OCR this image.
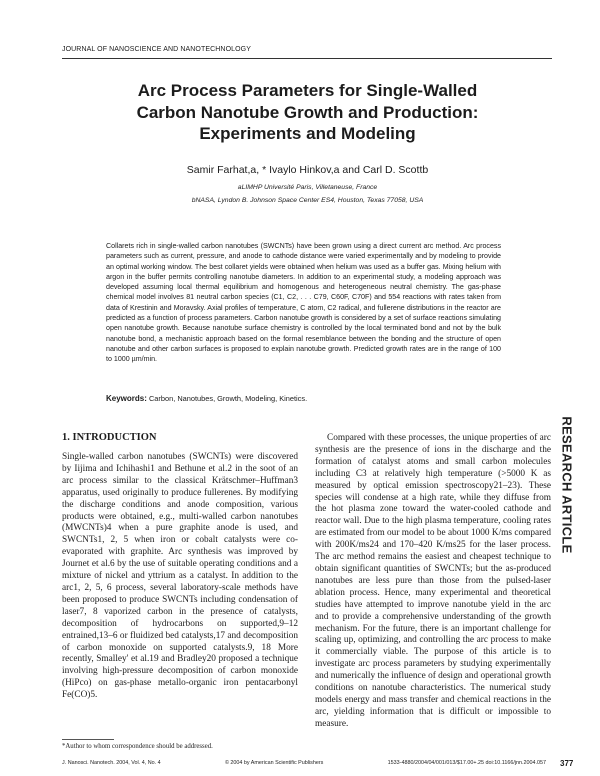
JOURNAL OF NANOSCIENCE AND NANOTECHNOLOGY
Arc Process Parameters for Single-Walled
Carbon Nanotube Growth and Production:
Experiments and Modeling
Samir Farhat,a, * Ivaylo Hinkov,a and Carl D. Scottb
aLIMHP Université Paris, Villetaneuse, France
bNASA, Lyndon B. Johnson Space Center ES4, Houston, Texas 77058, USA
Collarets rich in single-walled carbon nanotubes (SWCNTs) have been grown using a direct current arc method. Arc process parameters such as current, pressure, and anode to cathode distance were varied experimentally and by modeling to provide an optimal working window. The best collaret yields were obtained when helium was used as a buffer gas. Mixing helium with argon in the buffer permits controlling nanotube diameters. In addition to an experimental study, a modeling approach was developed assuming local thermal equilibrium and homogenous and heterogeneous neutral chemistry. The gas-phase chemical model involves 81 neutral carbon species (C1, C2, . . . C79, C60F, C70F) and 554 reactions with rates taken from data of Krestinin and Moravsky. Axial profiles of temperature, C atom, C2 radical, and fullerene distributions in the reactor are predicted as a function of process parameters. Carbon nanotube growth is considered by a set of surface reactions simulating open nanotube growth. Because nanotube surface chemistry is controlled by the local terminated bond and not by the bulk nanotube bond, a mechanistic approach based on the formal resemblance between the bonding and the structure of open nanotube and other carbon surfaces is proposed to explain nanotube growth. Predicted growth rates are in the range of 100 to 1000 µm/min.
Keywords: Carbon, Nanotubes, Growth, Modeling, Kinetics.
RESEARCH ARTICLE
1. INTRODUCTION

Single-walled carbon nanotubes (SWCNTs) were discovered by Iijima and Ichihashi1 and Bethune et al.2 in the soot of an arc process similar to the classical Krätschmer–Huffman3 apparatus, used originally to produce fullerenes. By modifying the discharge conditions and anode composition, various products were obtained, e.g., multi-walled carbon nanotubes (MWCNTs)4 when a pure graphite anode is used, and SWCNTs1, 2, 5 when iron or cobalt catalysts were co-evaporated with graphite. Arc synthesis was improved by Journet et al.6 by the use of suitable operating conditions and a mixture of nickel and yttrium as a catalyst. In addition to the arc1, 2, 5, 6 process, several laboratory-scale methods have been proposed to produce SWCNTs including condensation of laser7, 8 vaporized carbon in the presence of catalysts, decomposition of hydrocarbons on supported,9–12 entrained,13–6 or fluidized bed catalysts,17 and decomposition of carbon monoxide on supported catalysts.9, 18 More recently, Smalley' et al.19 and Bradley20 proposed a technique involving high-pressure decomposition of carbon monoxide (HiPco) on gas-phase metallo-organic iron pentacarbonyl Fe(CO)5.

Compared with these processes, the unique properties of arc synthesis are the presence of ions in the discharge and the formation of catalyst atoms and small carbon molecules including C3 at relatively high temperature (>5000 K as measured by optical emission spectroscopy21–23). These species will condense at a high rate, while they diffuse from the hot plasma zone toward the water-cooled cathode and reactor wall. Due to the high plasma temperature, cooling rates are estimated from our model to be about 1000 K/ms compared with 200K/ms24 and 170–420 K/ms25 for the laser process. The arc method remains the easiest and cheapest technique to obtain significant quantities of SWCNTs; but the as-produced nanotubes are less pure than those from the pulsed-laser ablation process. Hence, many experimental and theoretical studies have attempted to improve nanotube yield in the arc and to provide a comprehensive understanding of the growth mechanism. For the future, there is an important challenge for scaling up, optimizing, and controlling the arc process to make it commercially viable. The purpose of this article is to investigate arc process parameters by studying experimentally and numerically the influence of design and operational growth conditions on nanotube characteristics. The numerical study models energy and mass transfer and chemical reactions in the arc, yielding information that is difficult or impossible to measure.

*Author to whom correspondence should be addressed.
J. Nanosci. Nanotech. 2004, Vol. 4, No. 4	© 2004 by American Scientific Publishers	1533-4880/2004/04/001/013/$17.00+.25 doi:10.1166/jnn.2004.057 377
